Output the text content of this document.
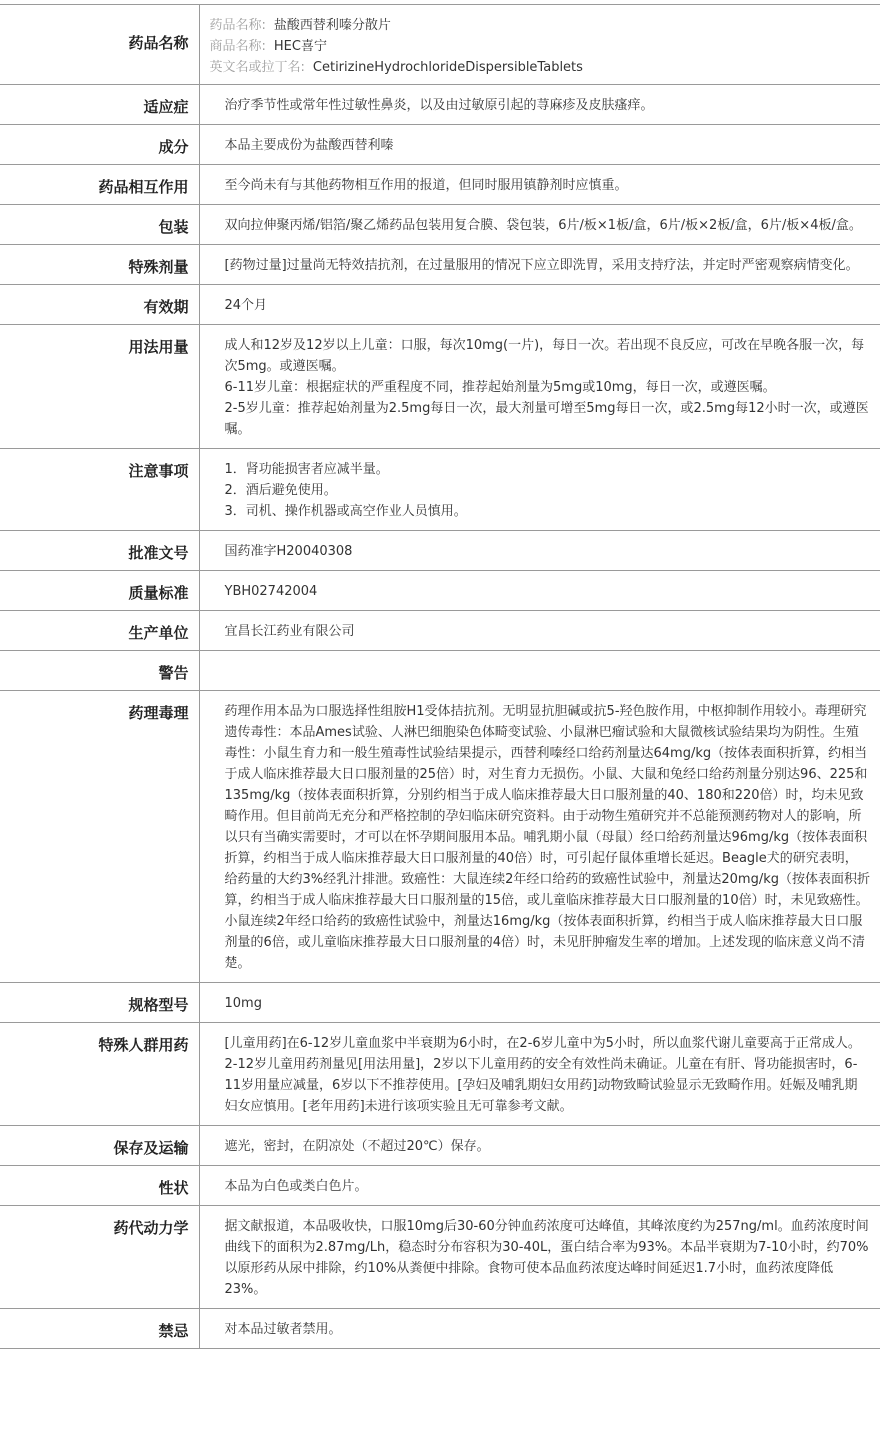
药品名称	药品名称: 盐酸西替利嗪分散片
商品名称: HEC喜宁
英文名或拉丁名: CetirizineHydrochlorideDispersibleTablets

适应症	治疗季节性或常年性过敏性鼻炎，以及由过敏原引起的荨麻疹及皮肤瘙痒。
成分	本品主要成份为盐酸西替利嗪
药品相互作用	至今尚未有与其他药物相互作用的报道，但同时服用镇静剂时应慎重。
包装	双向拉伸聚丙烯/铝箔/聚乙烯药品包装用复合膜、袋包装，6片/板×1板/盒，6片/板×2板/盒，6片/板×4板/盒。
特殊剂量	[药物过量]过量尚无特效拮抗剂，在过量服用的情况下应立即洗胃，采用支持疗法，并定时严密观察病情变化。
有效期	24个月
用法用量	成人和12岁及12岁以上儿童：口服，每次10mg(一片)，每日一次。若出现不良反应，可改在早晚各服一次，每次5mg。或遵医嘱。
6-11岁儿童：根据症状的严重程度不同，推荐起始剂量为5mg或10mg，每日一次，或遵医嘱。
2-5岁儿童：推荐起始剂量为2.5mg每日一次，最大剂量可增至5mg每日一次，或2.5mg每12小时一次，或遵医嘱。

注意事项	1．肾功能损害者应减半量。
2．酒后避免使用。
3．司机、操作机器或高空作业人员慎用。

批准文号	国药准字H20040308
质量标准	YBH02742004
生产单位	宜昌长江药业有限公司
警告	

药理毒理	药理作用本品为口服选择性组胺H1受体拮抗剂。无明显抗胆碱或抗5-羟色胺作用，中枢抑制作用较小。毒理研究遗传毒性：本品Ames试验、人淋巴细胞染色体畸变试验、小鼠淋巴瘤试验和大鼠微核试验结果均为阴性。生殖毒性：小鼠生育力和一般生殖毒性试验结果提示，西替利嗪经口给药剂量达64mg/kg（按体表面积折算，约相当于成人临床推荐最大日口服剂量的25倍）时，对生育力无损伤。小鼠、大鼠和兔经口给药剂量分别达96、225和135mg/kg（按体表面积折算，分别约相当于成人临床推荐最大日口服剂量的40、180和220倍）时，均未见致畸作用。但目前尚无充分和严格控制的孕妇临床研究资料。由于动物生殖研究并不总能预测药物对人的影响，所以只有当确实需要时，才可以在怀孕期间服用本品。哺乳期小鼠（母鼠）经口给药剂量达96mg/kg（按体表面积折算，约相当于成人临床推荐最大日口服剂量的40倍）时，可引起仔鼠体重增长延迟。Beagle犬的研究表明，给药量的大约3%经乳汁排泄。致癌性：大鼠连续2年经口给药的致癌性试验中，剂量达20mg/kg（按体表面积折算，约相当于成人临床推荐最大日口服剂量的15倍，或儿童临床推荐最大日口服剂量的10倍）时，未见致癌性。小鼠连续2年经口给药的致癌性试验中，剂量达16mg/kg（按体表面积折算，约相当于成人临床推荐最大日口服剂量的6倍，或儿童临床推荐最大日口服剂量的4倍）时，未见肝肿瘤发生率的增加。上述发现的临床意义尚不清楚。
规格型号	10mg
特殊人群用药	[儿童用药]在6-12岁儿童血浆中半衰期为6小时，在2-6岁儿童中为5小时，所以血浆代谢儿童要高于正常成人。
2-12岁儿童用药剂量见[用法用量]，2岁以下儿童用药的安全有效性尚未确证。儿童在有肝、肾功能损害时，6-11岁用量应减量，6岁以下不推荐使用。[孕妇及哺乳期妇女用药]动物致畸试验显示无致畸作用。妊娠及哺乳期妇女应慎用。[老年用药]未进行该项实验且无可靠参考文献。

保存及运输	遮光，密封，在阴凉处（不超过20℃）保存。
性状	本品为白色或类白色片。
药代动力学	据文献报道，本品吸收快，口服10mg后30-60分钟血药浓度可达峰值，其峰浓度约为257ng/ml。血药浓度时间曲线下的面积为2.87mg/Lh，稳态时分布容积为30-40L，蛋白结合率为93%。本品半衰期为7-10小时，约70%以原形药从尿中排除，约10%从粪便中排除。食物可使本品血药浓度达峰时间延迟1.7小时，血药浓度降低23%。
禁忌	对本品过敏者禁用。
